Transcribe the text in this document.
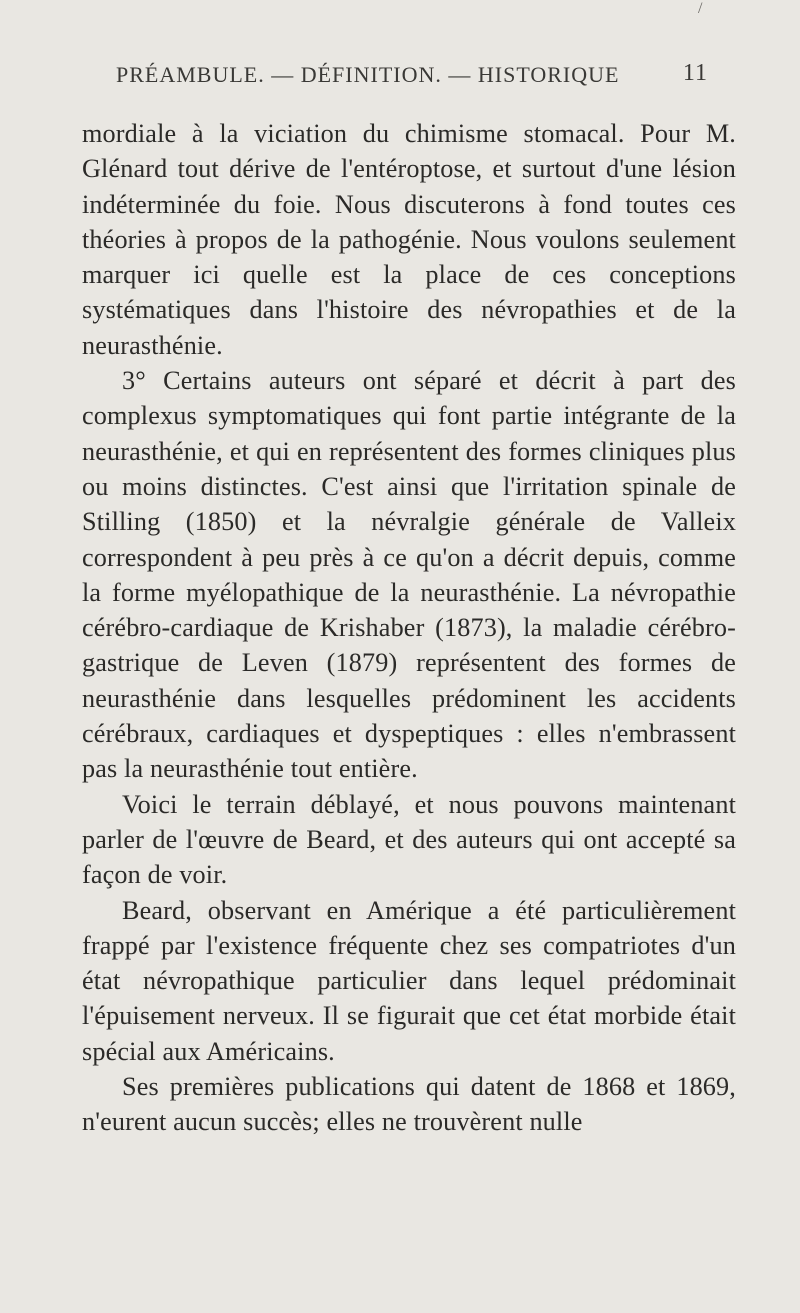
/
PRÉAMBULE. — DÉFINITION. — HISTORIQUE	11

mordiale à la viciation du chimisme stomacal. Pour M. Glénard tout dérive de l'entéroptose, et surtout d'une lésion indéterminée du foie. Nous discuterons à fond toutes ces théories à propos de la pathogénie. Nous voulons seulement marquer ici quelle est la place de ces conceptions systématiques dans l'histoire des névropathies et de la neurasthénie.

3° Certains auteurs ont séparé et décrit à part des complexus symptomatiques qui font partie intégrante de la neurasthénie, et qui en représentent des formes cliniques plus ou moins distinctes. C'est ainsi que l'irritation spinale de Stilling (1850) et la névralgie générale de Valleix correspondent à peu près à ce qu'on a décrit depuis, comme la forme myélopathique de la neurasthénie. La névropathie cérébro-cardiaque de Krishaber (1873), la maladie cérébro-gastrique de Leven (1879) représentent des formes de neurasthénie dans lesquelles prédominent les accidents cérébraux, cardiaques et dyspeptiques : elles n'embrassent pas la neurasthénie tout entière.

Voici le terrain déblayé, et nous pouvons maintenant parler de l'œuvre de Beard, et des auteurs qui ont accepté sa façon de voir.

Beard, observant en Amérique a été particulièrement frappé par l'existence fréquente chez ses compatriotes d'un état névropathique particulier dans lequel prédominait l'épuisement nerveux. Il se figurait que cet état morbide était spécial aux Américains.

Ses premières publications qui datent de 1868 et 1869, n'eurent aucun succès; elles ne trouvèrent nulle
